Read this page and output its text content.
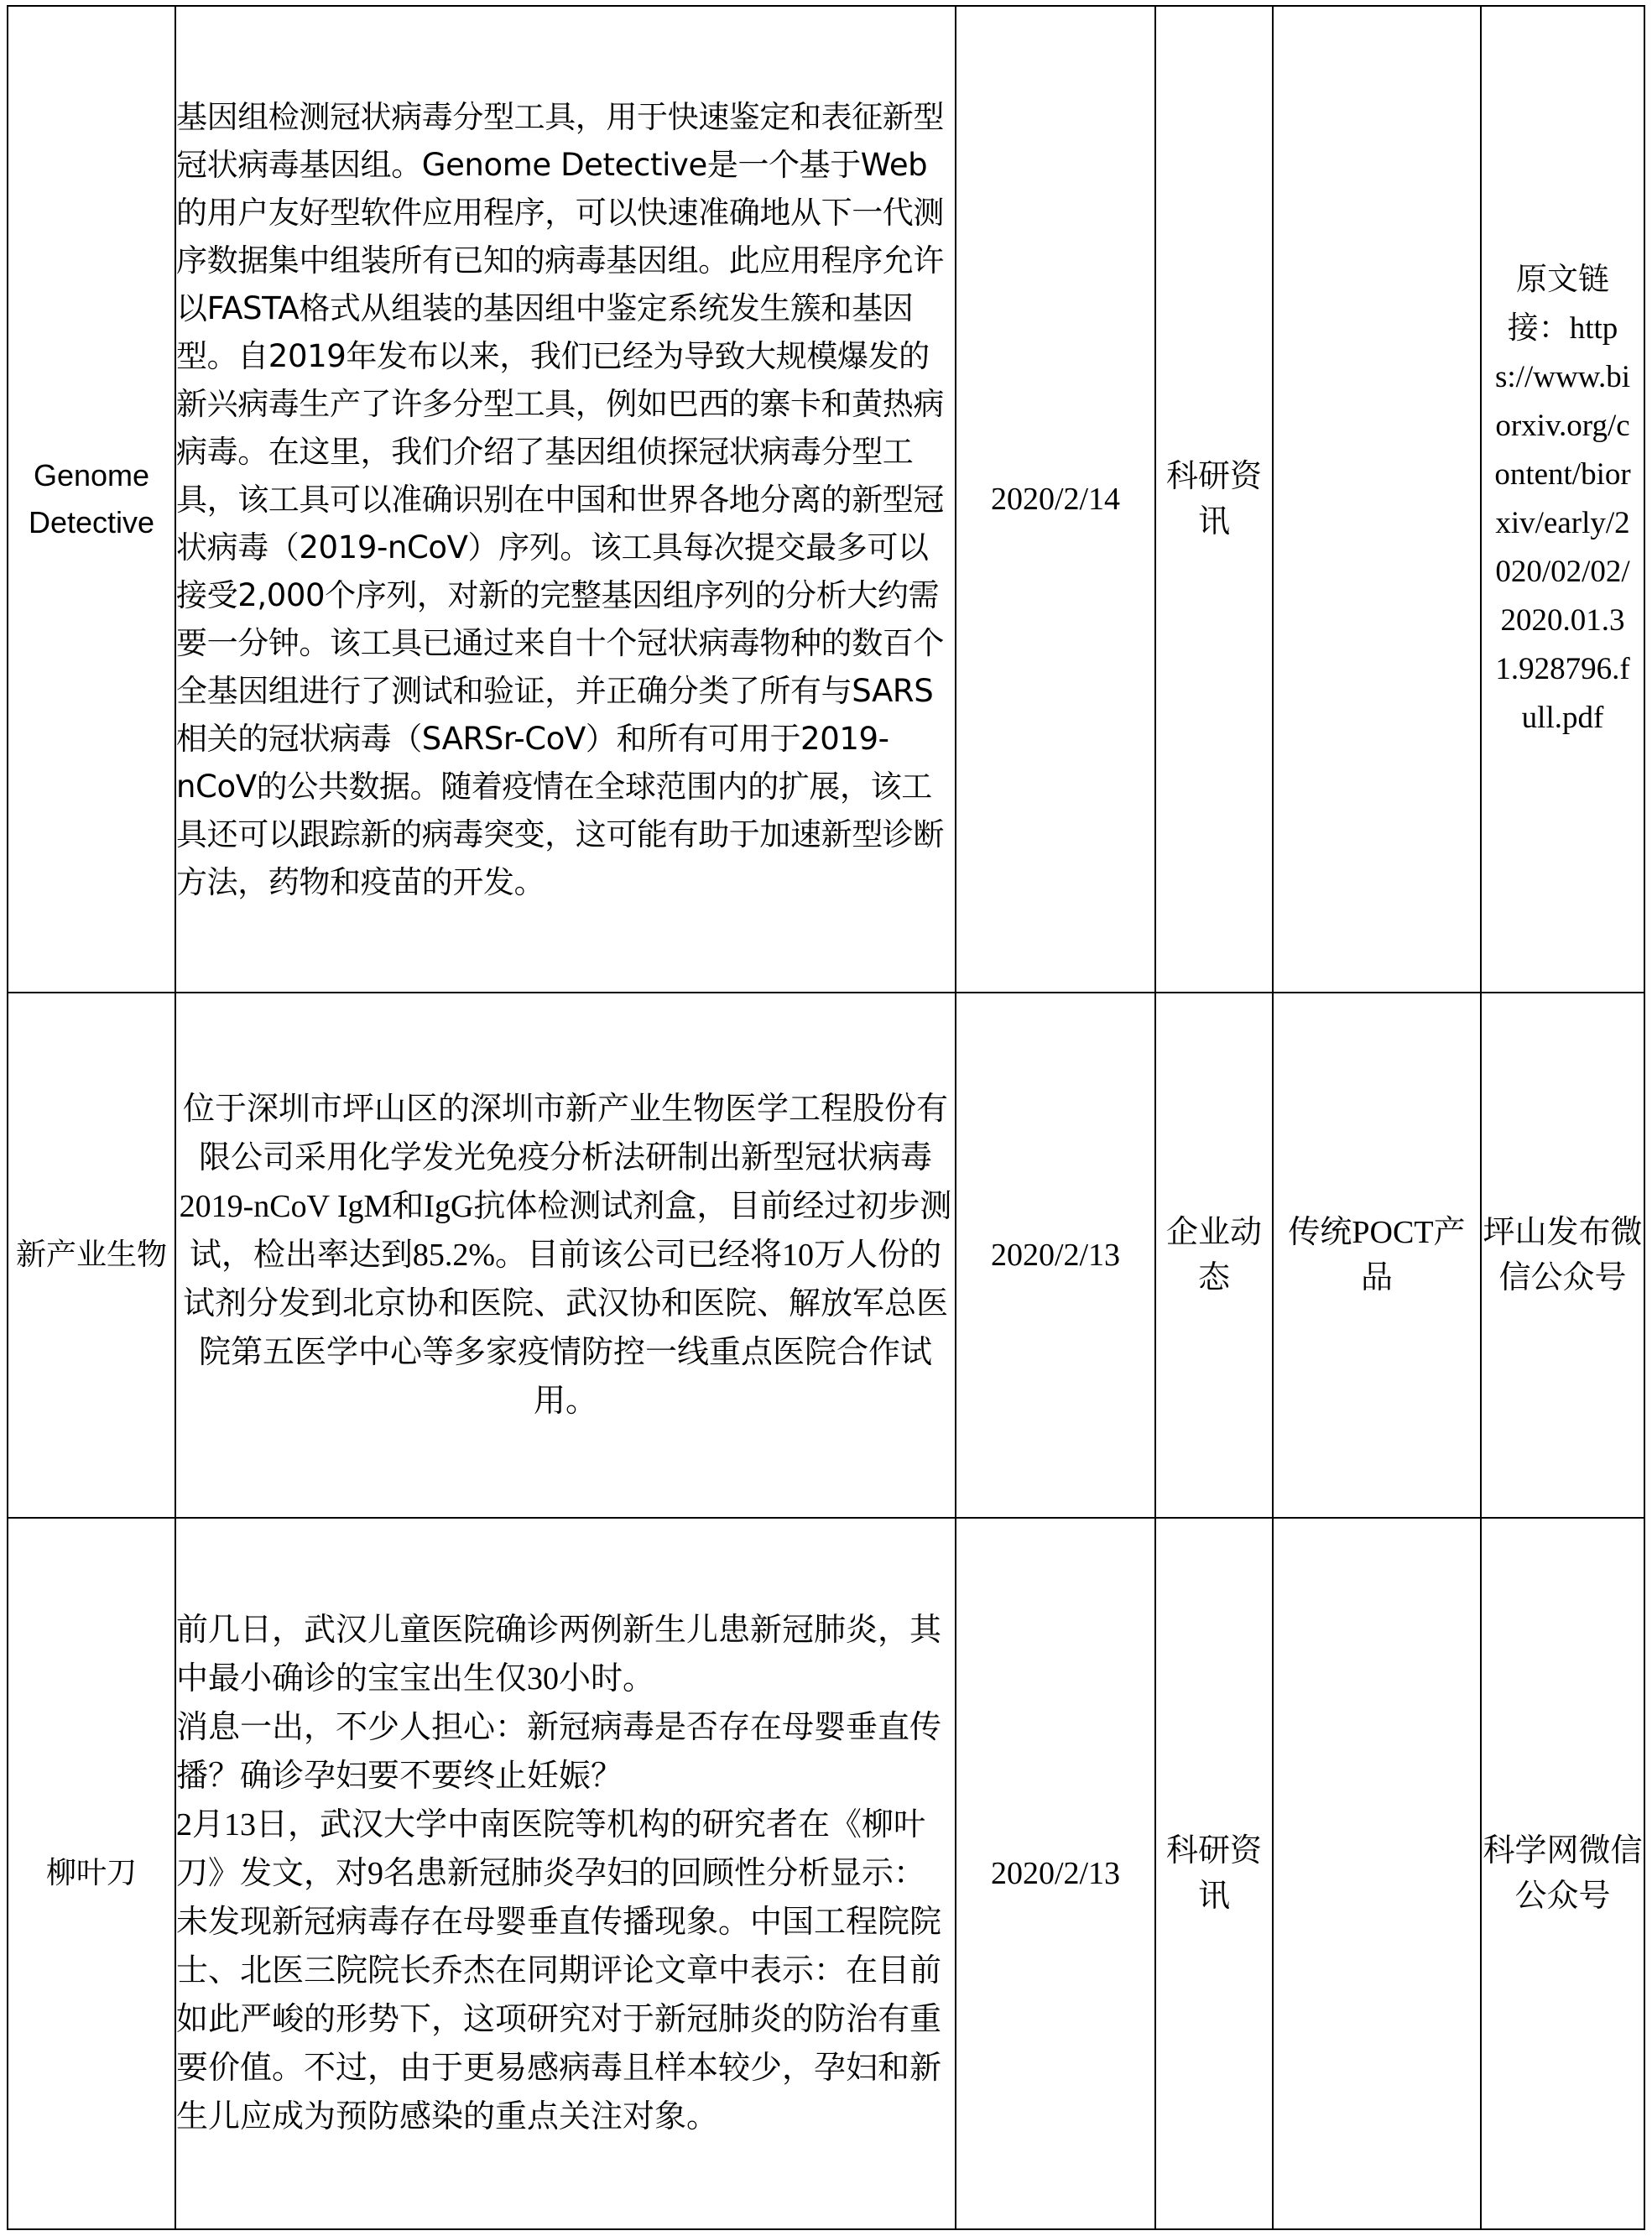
Genome Detective	基因组检测冠状病毒分型工具，用于快速鉴定和表征新型冠状病毒基因组。Genome Detective是一个基于Web的用户友好型软件应用程序，可以快速准确地从下一代测序数据集中组装所有已知的病毒基因组。此应用程序允许以FASTA格式从组装的基因组中鉴定系统发生簇和基因型。自2019年发布以来，我们已经为导致大规模爆发的新兴病毒生产了许多分型工具，例如巴西的寨卡和黄热病病毒。在这里，我们介绍了基因组侦探冠状病毒分型工具，该工具可以准确识别在中国和世界各地分离的新型冠状病毒（2019-nCoV）序列。该工具每次提交最多可以接受2,000个序列，对新的完整基因组序列的分析大约需要一分钟。该工具已通过来自十个冠状病毒物种的数百个全基因组进行了测试和验证，并正确分类了所有与SARS相关的冠状病毒（SARSr-CoV）和所有可用于2019-nCoV的公共数据。随着疫情在全球范围内的扩展，该工具还可以跟踪新的病毒突变，这可能有助于加速新型诊断方法，药物和疫苗的开发。	2020/2/14	科研资讯		原文链接：https://www.biorxiv.org/content/biorxiv/early/2020/02/02/2020.01.31.928796.full.pdf
新产业生物	位于深圳市坪山区的深圳市新产业生物医学工程股份有限公司采用化学发光免疫分析法研制出新型冠状病毒2019-nCoV IgM和IgG抗体检测试剂盒，目前经过初步测试，检出率达到85.2%。目前该公司已经将10万人份的试剂分发到北京协和医院、武汉协和医院、解放军总医院第五医学中心等多家疫情防控一线重点医院合作试用。	2020/2/13	企业动态	传统POCT产品	坪山发布微信公众号
柳叶刀	前几日，武汉儿童医院确诊两例新生儿患新冠肺炎，其中最小确诊的宝宝出生仅30小时。
消息一出，不少人担心：新冠病毒是否存在母婴垂直传播？确诊孕妇要不要终止妊娠？
2月13日，武汉大学中南医院等机构的研究者在《柳叶刀》发文，对9名患新冠肺炎孕妇的回顾性分析显示：未发现新冠病毒存在母婴垂直传播现象。中国工程院院士、北医三院院长乔杰在同期评论文章中表示：在目前如此严峻的形势下，这项研究对于新冠肺炎的防治有重要价值。不过，由于更易感病毒且样本较少，孕妇和新生儿应成为预防感染的重点关注对象。	2020/2/13	科研资讯		科学网微信公众号
